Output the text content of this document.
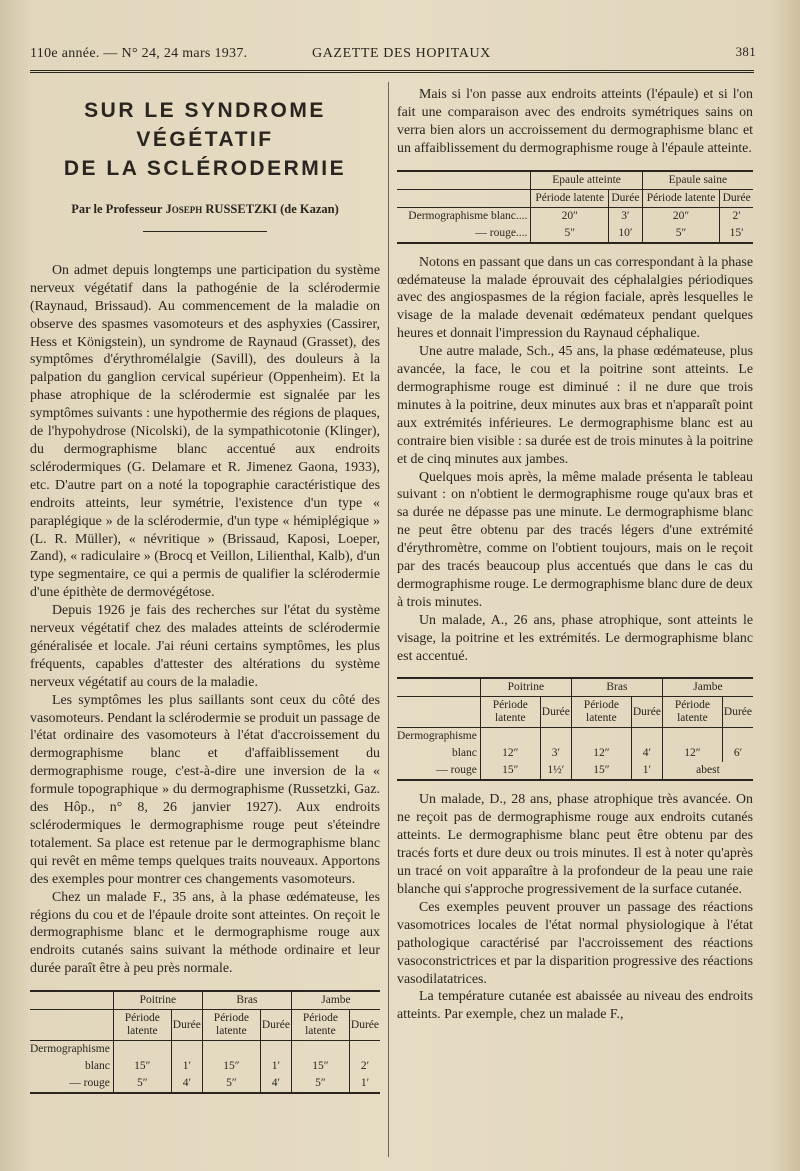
110e année. — N° 24, 24 mars 1937.	GAZETTE DES HOPITAUX	381
SUR LE SYNDROME VÉGÉTATIF
DE LA SCLÉRODERMIE
Par le Professeur Joseph RUSSETZKI (de Kazan)

On admet depuis longtemps une participation du système nerveux végétatif dans la pathogénie de la sclérodermie (Raynaud, Brissaud). Au commencement de la maladie on observe des spasmes vasomoteurs et des asphyxies (Cassirer, Hess et Königstein), un syndrome de Raynaud (Grasset), des symptômes d'érythromélalgie (Savill), des douleurs à la palpation du ganglion cervical supérieur (Oppenheim). Et la phase atrophique de la sclérodermie est signalée par les symptômes suivants : une hypothermie des régions de plaques, de l'hypohydrose (Nicolski), de la sympathicotonie (Klinger), du dermographisme blanc accentué aux endroits sclérodermiques (G. Delamare et R. Jimenez Gaona, 1933), etc. D'autre part on a noté la topographie caractéristique des endroits atteints, leur symétrie, l'existence d'un type « paraplégique » de la sclérodermie, d'un type « hémiplégique » (L. R. Müller), « névritique » (Brissaud, Kaposi, Loeper, Zand), « radiculaire » (Brocq et Veillon, Lilienthal, Kalb), d'un type segmentaire, ce qui a permis de qualifier la sclérodermie d'une épithète de dermovégétose.

Depuis 1926 je fais des recherches sur l'état du système nerveux végétatif chez des malades atteints de sclérodermie généralisée et locale. J'ai réuni certains symptômes, les plus fréquents, capables d'attester des altérations du système nerveux végétatif au cours de la maladie.

Les symptômes les plus saillants sont ceux du côté des vasomoteurs. Pendant la sclérodermie se produit un passage de l'état ordinaire des vasomoteurs à l'état d'accroissement du dermographisme blanc et d'affaiblissement du dermographisme rouge, c'est-à-dire une inversion de la « formule topographique » du dermographisme (Russetzki, Gaz. des Hôp., n° 8, 26 janvier 1927). Aux endroits sclérodermiques le dermographisme rouge peut s'éteindre totalement. Sa place est retenue par le dermographisme blanc qui revêt en même temps quelques traits nouveaux. Apportons des exemples pour montrer ces changements vasomoteurs.

Chez un malade F., 35 ans, à la phase œdémateuse, les régions du cou et de l'épaule droite sont atteintes. On reçoit le dermographisme blanc et le dermographisme rouge aux endroits cutanés sains suivant la méthode ordinaire et leur durée paraît être à peu près normale.

	Poitrine		Bras		Jambe	
	Période latente	Durée	Période latente	Durée	Période latente	Durée
Dermographisme						
blanc	15″	1′	15″	1′	15″	2′
— rouge	5″	4′	5″	4′	5″	1′

Mais si l'on passe aux endroits atteints (l'épaule) et si l'on fait une comparaison avec des endroits symétriques sains on verra bien alors un accroissement du dermographisme blanc et un affaiblissement du dermographisme rouge à l'épaule atteinte.

	Epaule atteinte		Epaule saine	
	Période latente	Durée	Période latente	Durée
Dermographisme blanc....	20″	3′	20″	2′
— rouge....	5″	10′	5″	15′

Notons en passant que dans un cas correspondant à la phase œdémateuse la malade éprouvait des céphalalgies périodiques avec des angiospasmes de la région faciale, après lesquelles le visage de la malade devenait œdémateux pendant quelques heures et donnait l'impression du Raynaud céphalique.

Une autre malade, Sch., 45 ans, la phase œdémateuse, plus avancée, la face, le cou et la poitrine sont atteints. Le dermographisme rouge est diminué : il ne dure que trois minutes à la poitrine, deux minutes aux bras et n'apparaît point aux extrémités inférieures. Le dermographisme blanc est au contraire bien visible : sa durée est de trois minutes à la poitrine et de cinq minutes aux jambes.

Quelques mois après, la même malade présenta le tableau suivant : on n'obtient le dermographisme rouge qu'aux bras et sa durée ne dépasse pas une minute. Le dermographisme blanc ne peut être obtenu par des tracés légers d'une extrémité d'érythromètre, comme on l'obtient toujours, mais on le reçoit par des tracés beaucoup plus accentués que dans le cas du dermographisme rouge. Le dermographisme blanc dure de deux à trois minutes.

Un malade, A., 26 ans, phase atrophique, sont atteints le visage, la poitrine et les extrémités. Le dermographisme blanc est accentué.

	Poitrine		Bras		Jambe	
	Période latente	Durée	Période latente	Durée	Période latente	Durée
Dermographisme						
blanc	12″	3′	12″	4′	12″	6′
— rouge	15″	1½′	15″	1′	abest	

Un malade, D., 28 ans, phase atrophique très avancée. On ne reçoit pas de dermographisme rouge aux endroits cutanés atteints. Le dermographisme blanc peut être obtenu par des tracés forts et dure deux ou trois minutes. Il est à noter qu'après un tracé on voit apparaître à la profondeur de la peau une raie blanche qui s'approche progressivement de la surface cutanée.

Ces exemples peuvent prouver un passage des réactions vasomotrices locales de l'état normal physiologique à l'état pathologique caractérisé par l'accroissement des réactions vasoconstrictrices et par la disparition progressive des réactions vasodilatatrices.

La température cutanée est abaissée au niveau des endroits atteints. Par exemple, chez un malade F.,
